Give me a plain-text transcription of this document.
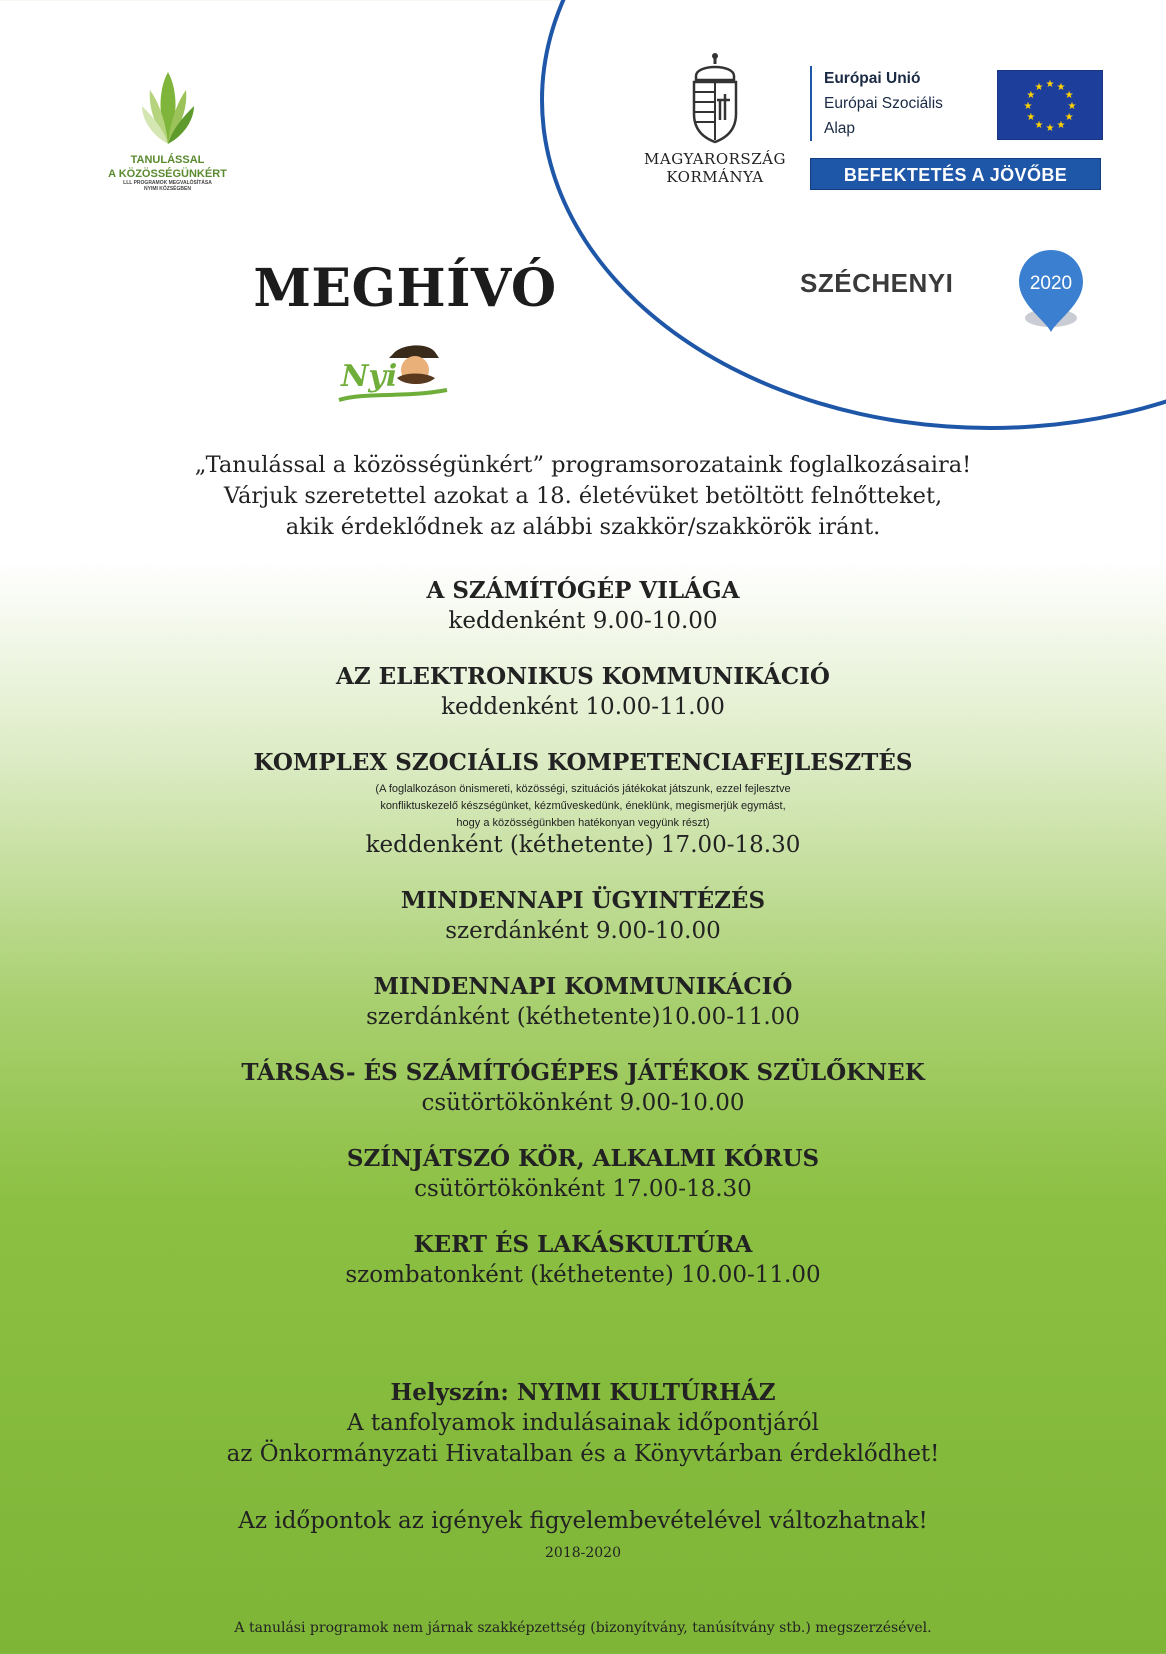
TANULÁSSAL
A KÖZÖSSÉGÜNKÉRT
LLL PROGRAMOK MEGVALÓSÍTÁSA
NYIMI KÖZSÉGBEN
MAGYARORSZÁG
KORMÁNYA
Európai Unió
Európai Szociális
Alap
★ ★
★
★
★
★
★
★
★
★
★
★
BEFEKTETÉS A JÖVŐBE
SZÉCHENYI	2020
MEGHÍVÓ
Nyi
„Tanulással a közösségünkért” programsorozataink foglalkozásaira!
Várjuk szeretettel azokat a 18. életévüket betöltött felnőtteket,
akik érdeklődnek az alábbi szakkör/szakkörök iránt.
A SZÁMÍTÓGÉP VILÁGA
keddenként 9.00-10.00
AZ ELEKTRONIKUS KOMMUNIKÁCIÓ
keddenként 10.00-11.00
KOMPLEX SZOCIÁLIS KOMPETENCIAFEJLESZTÉS
(A foglalkozáson önismereti, közösségi, szituációs játékokat játszunk, ezzel fejlesztve
konfliktuskezelő készségünket, kézműveskedünk, éneklünk, megismerjük egymást,
hogy a közösségünkben hatékonyan vegyünk részt)
keddenként (kéthetente) 17.00-18.30
MINDENNAPI ÜGYINTÉZÉS
szerdánként 9.00-10.00
MINDENNAPI KOMMUNIKÁCIÓ
szerdánként (kéthetente)10.00-11.00
TÁRSAS- ÉS SZÁMÍTÓGÉPES JÁTÉKOK SZÜLŐKNEK
csütörtökönként 9.00-10.00
SZÍNJÁTSZÓ KÖR, ALKALMI KÓRUS
csütörtökönként 17.00-18.30
KERT ÉS LAKÁSKULTÚRA
szombatonként (kéthetente) 10.00-11.00
Helyszín: NYIMI KULTÚRHÁZ
A tanfolyamok indulásainak időpontjáról
az Önkormányzati Hivatalban és a Könyvtárban érdeklődhet!
Az időpontok az igények figyelembevételével változhatnak!
2018-2020
A tanulási programok nem járnak szakképzettség (bizonyítvány, tanúsítvány stb.) megszerzésével.
